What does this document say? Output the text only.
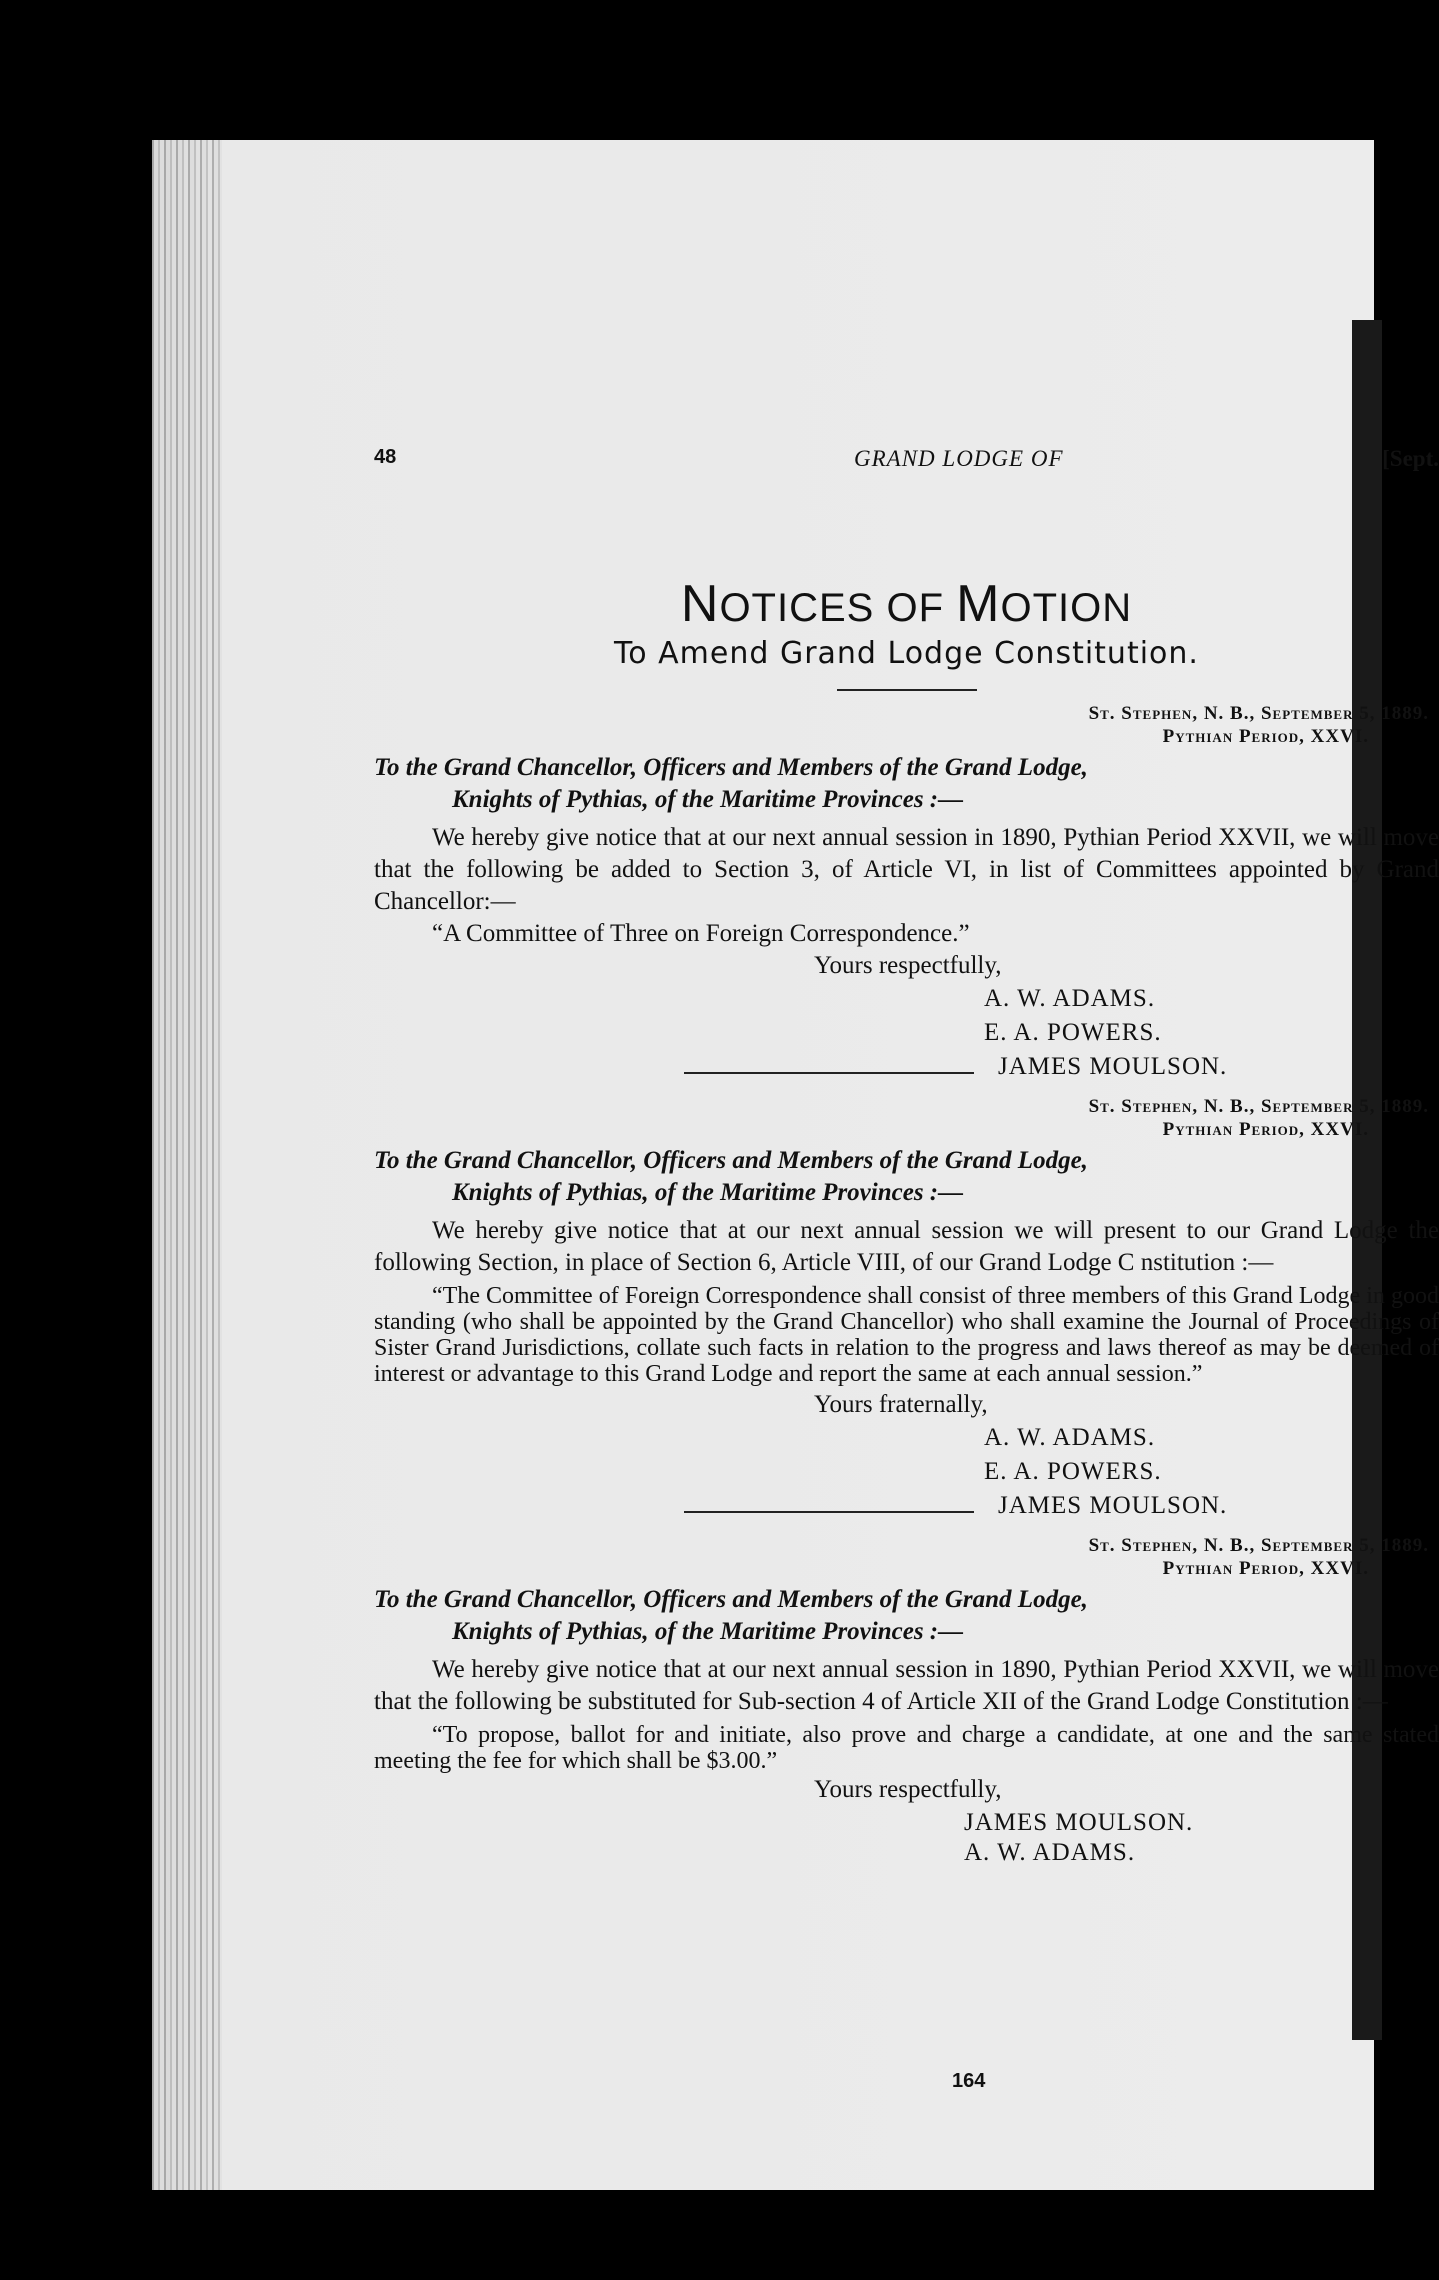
48	GRAND LODGE OF	[Sept.
NOTICES OF MOTION
To Amend Grand Lodge Constitution.
St. Stephen, N. B., September 5, 1889.
Pythian Period, XXVI.
To the Grand Chancellor, Officers and Members of the Grand Lodge,
Knights of Pythias, of the Maritime Provinces :—
We hereby give notice that at our next annual session in 1890, Pythian Period XXVII, we will move that the following be added to Section 3, of Article VI, in list of Committees appointed by Grand Chancellor:—
“A Committee of Three on Foreign Correspondence.”
Yours respectfully,
A. W. ADAMS.
E. A. POWERS.
JAMES MOULSON.
St. Stephen, N. B., September 5, 1889.
Pythian Period, XXVI.
To the Grand Chancellor, Officers and Members of the Grand Lodge,
Knights of Pythias, of the Maritime Provinces :—
We hereby give notice that at our next annual session we will present to our Grand Lodge the following Section, in place of Section 6, Article VIII, of our Grand Lodge C nstitution :—
“The Committee of Foreign Correspondence shall consist of three members of this Grand Lodge in good standing (who shall be appointed by the Grand Chancellor) who shall examine the Journal of Proceedings of Sister Grand Jurisdictions, collate such facts in relation to the progress and laws thereof as may be deemed of interest or advantage to this Grand Lodge and report the same at each annual session.”
Yours fraternally,
A. W. ADAMS.
E. A. POWERS.
JAMES MOULSON.
St. Stephen, N. B., September 5, 1889.
Pythian Period, XXVI.
To the Grand Chancellor, Officers and Members of the Grand Lodge,
Knights of Pythias, of the Maritime Provinces :—
We hereby give notice that at our next annual session in 1890, Pythian Period XXVII, we will move that the following be substituted for Sub-section 4 of Article XII of the Grand Lodge Constitution :—
“To propose, ballot for and initiate, also prove and charge a candidate, at one and the same stated meeting the fee for which shall be $3.00.”
Yours respectfully,
JAMES MOULSON.
A. W. ADAMS.
164
